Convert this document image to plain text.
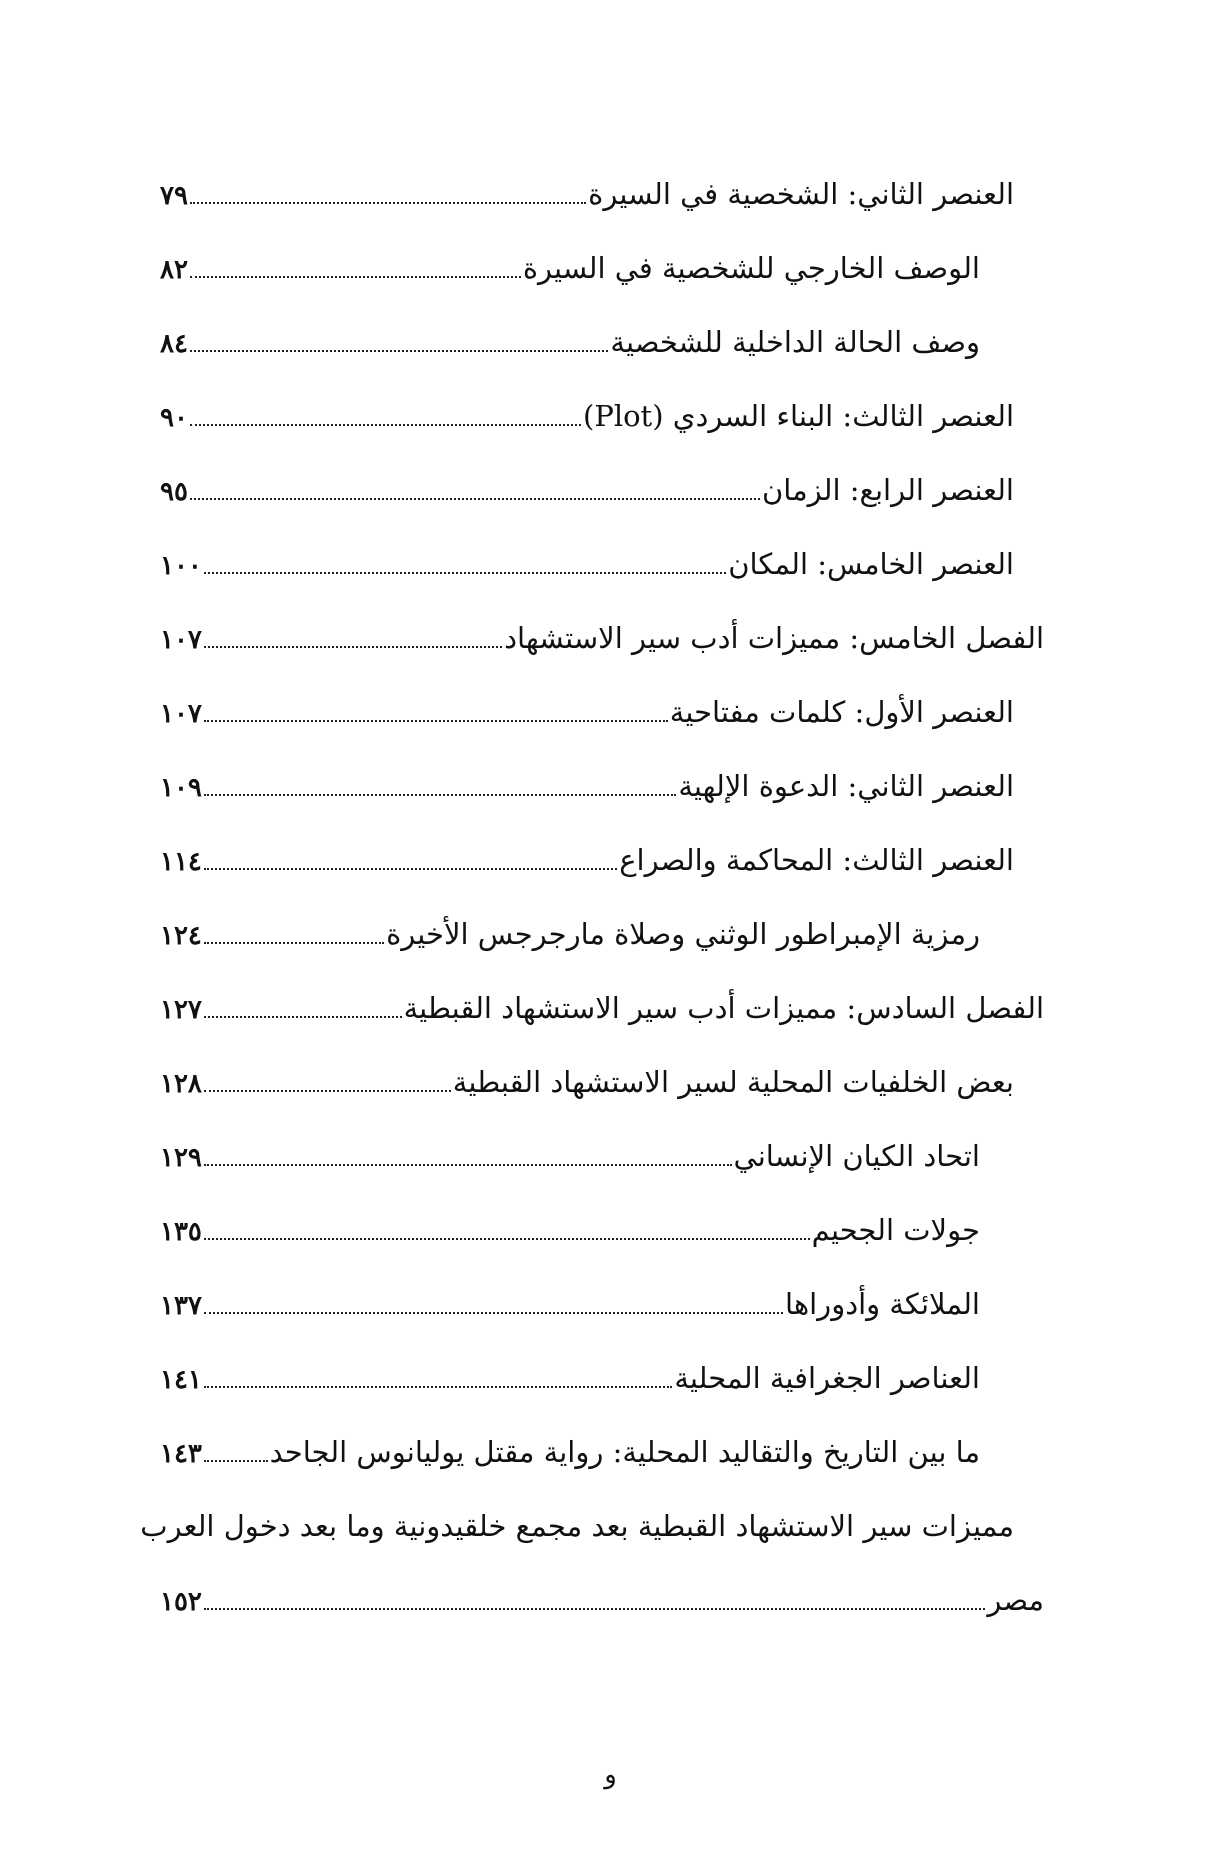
العنصر الثاني: الشخصية في السيرة
٧٩
الوصف الخارجي للشخصية في السيرة
٨٢
وصف الحالة الداخلية للشخصية
٨٤
العنصر الثالث: البناء السردي (Plot)
٩٠
العنصر الرابع: الزمان
٩٥
العنصر الخامس: المكان
١٠٠
الفصل الخامس: مميزات أدب سير الاستشهاد
١٠٧
العنصر الأول: كلمات مفتاحية
١٠٧
العنصر الثاني: الدعوة الإلهية
١٠٩
العنصر الثالث: المحاكمة والصراع
١١٤
رمزية الإمبراطور الوثني وصلاة مارجرجس الأخيرة
١٢٤
الفصل السادس: مميزات أدب سير الاستشهاد القبطية
١٢٧
بعض الخلفيات المحلية لسير الاستشهاد القبطية
١٢٨
اتحاد الكيان الإنساني
١٢٩
جولات الجحيم
١٣٥
الملائكة وأدوراها
١٣٧
العناصر الجغرافية المحلية
١٤١
ما بين التاريخ والتقاليد المحلية: رواية مقتل يوليانوس الجاحد
١٤٣
مميزات سير الاستشهاد القبطية بعد مجمع خلقيدونية وما بعد دخول العرب
مصر
١٥٢
و
